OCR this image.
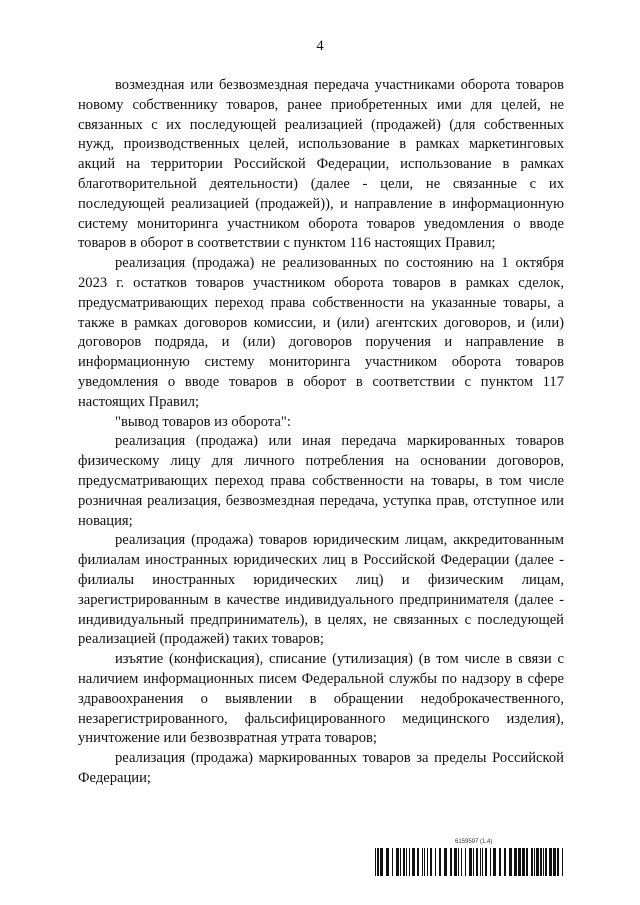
4

возмездная или безвозмездная передача участниками оборота товаров новому собственнику товаров, ранее приобретенных ими для целей, не связанных с их последующей реализацией (продажей) (для собственных нужд, производственных целей, использование в рамках маркетинговых акций на территории Российской Федерации, использование в рамках благотворительной деятельности) (далее - цели, не связанные с их последующей реализацией (продажей)), и направление в информационную систему мониторинга участником оборота товаров уведомления о вводе товаров в оборот в соответствии с пунктом 116 настоящих Правил;

реализация (продажа) не реализованных по состоянию на 1 октября 2023 г. остатков товаров участником оборота товаров в рамках сделок, предусматривающих переход права собственности на указанные товары, а также в рамках договоров комиссии, и (или) агентских договоров, и (или) договоров подряда, и (или) договоров поручения и направление в информационную систему мониторинга участником оборота товаров уведомления о вводе товаров в оборот в соответствии с пунктом 117 настоящих Правил;

"вывод товаров из оборота":

реализация (продажа) или иная передача маркированных товаров физическому лицу для личного потребления на основании договоров, предусматривающих переход права собственности на товары, в том числе розничная реализация, безвозмездная передача, уступка прав, отступное или новация;

реализация (продажа) товаров юридическим лицам, аккредитованным филиалам иностранных юридических лиц в Российской Федерации (далее - филиалы иностранных юридических лиц) и физическим лицам, зарегистрированным в качестве индивидуального предпринимателя (далее - индивидуальный предприниматель), в целях, не связанных с последующей реализацией (продажей) таких товаров;

изъятие (конфискация), списание (утилизация) (в том числе в связи с наличием информационных писем Федеральной службы по надзору в сфере здравоохранения о выявлении в обращении недоброкачественного, незарегистрированного, фальсифицированного медицинского изделия), уничтожение или безвозвратная утрата товаров;

реализация (продажа) маркированных товаров за пределы Российской Федерации;

6159597 (1.4)
